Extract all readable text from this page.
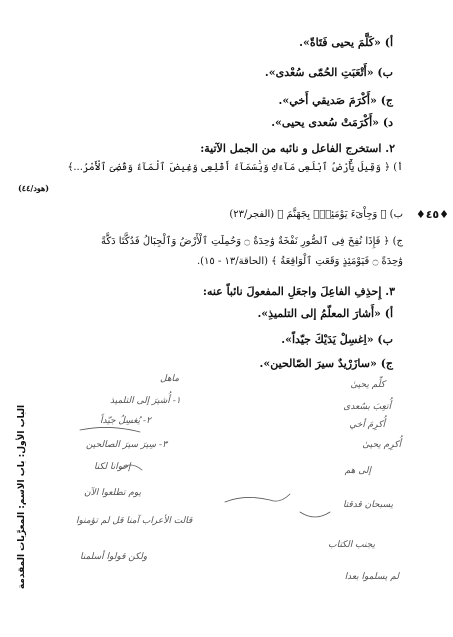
أ) «كَلَّمَ يحيى فَتَاةً».
ب) «أَتْعَبَتِ الحُمّى سُعْدى».
ج) «أَكْرَمَ صَديقي أَخي».
د) «أَكْرَمَتْ سُعدى يحيى».
٢. استخرج الفاعل و نائبه من الجمل الآتية:
أ) ﴿ وَقِيلَ يَٰٓأَرْضُ ٱبْلَعِى مَآءَكِ وَيَٰسَمَآءُ أَقْلِعِى وَغِيضَ ٱلْمَآءُ وَقُضِىَ ٱلْأَمْرُ...﴾
(هود/٤٤)
ب) ﴿ وَجِاْىٓءَ يَوْمَئِذٍۭ بِجَهَنَّمَ ﴾ (الفجر/٢٣)
ج) ﴿ فَإِذَا نُفِخَ فِى ٱلصُّورِ نَفْخَةٌ وَٰحِدَةٌ ۝ وَحُمِلَتِ ٱلْأَرْضُ وَٱلْجِبَالُ فَدُكَّتَا دَكَّةً
وَٰحِدَةً ۝ فَيَوْمَئِذٍ وَقَعَتِ ٱلْوَاقِعَةُ ﴾ (الحاقة/١٣ - ١٥).
♦٤٥♦
٣. إِحذِفِ الفاعِلَ واجعَلِ المفعولَ نائباً عنه:
أ) «أَشارَ المعلّمُ إلى التلميذِ».
ب) «اِغسِلْ يَدَيْكَ جيّداً».
ج) «سازَرْيدٌ سيرَ الصّالحين».
كلِّم يحيىٰ
أُتعِبَ بسُعدى
أُكرِمَ أخي
أُكرِم يحيىٰ
إلى هم
يسبحان قدقتا
يجنب الكتاب
لم يسلموا بعدا
ماهل
١- أُشيرَ إلى التلميذ
٢- يُغسِلُ جيّداً
٣- سِيرَ سيرَ الصالحين
إخوانا لكنا
يوم تطلعوا الآن
قالت الأعراب آمنا قل لم تؤمنوا
ولكن قولوا أسلمنا
الباب الأول: باب الاسم: المعرَّبات المقدمة
